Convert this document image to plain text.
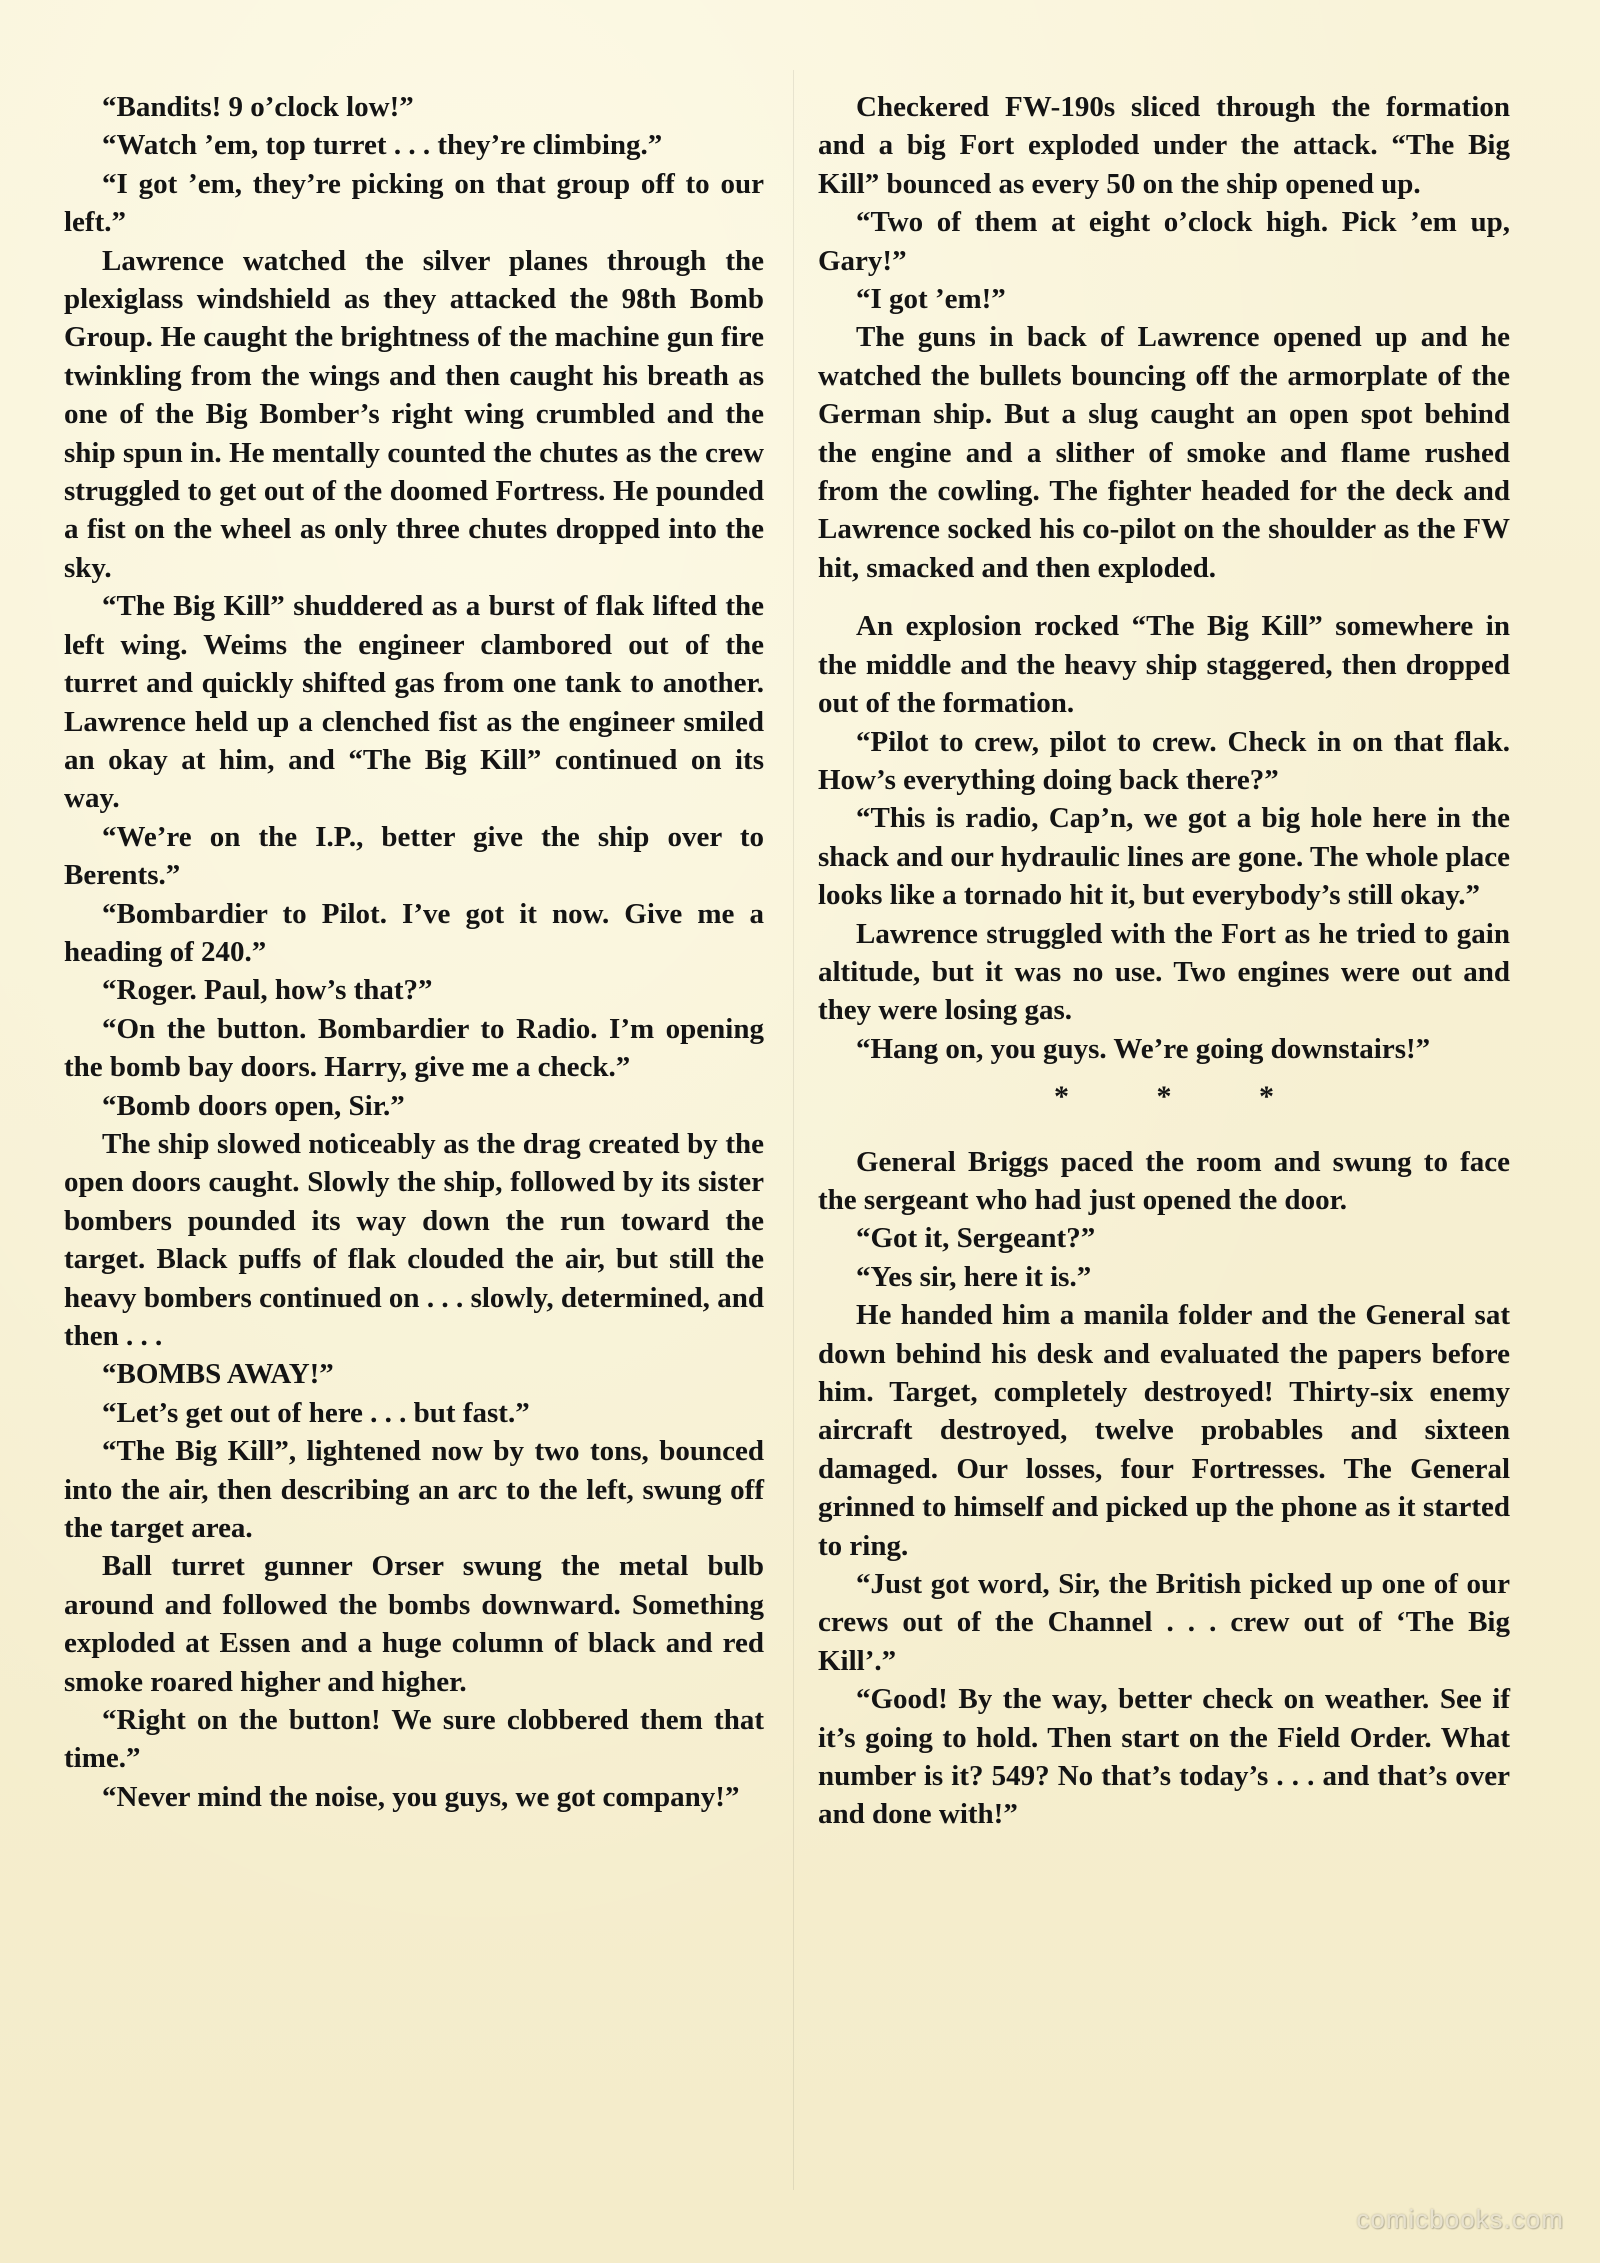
“Bandits! 9 o’clock low!”

“Watch ’em, top turret . . . they’re climbing.”

“I got ’em, they’re picking on that group off to our left.”

Lawrence watched the silver planes through the plexiglass windshield as they attacked the 98th Bomb Group. He caught the brightness of the machine gun fire twinkling from the wings and then caught his breath as one of the Big Bomber’s right wing crumbled and the ship spun in. He mentally counted the chutes as the crew struggled to get out of the doomed Fortress. He pounded a fist on the wheel as only three chutes dropped into the sky.

“The Big Kill” shuddered as a burst of flak lifted the left wing. Weims the engineer clambored out of the turret and quickly shifted gas from one tank to another. Lawrence held up a clenched fist as the engineer smiled an okay at him, and “The Big Kill” continued on its way.

“We’re on the I.P., better give the ship over to Berents.”

“Bombardier to Pilot. I’ve got it now. Give me a heading of 240.”

“Roger. Paul, how’s that?”

“On the button. Bombardier to Radio. I’m opening the bomb bay doors. Harry, give me a check.”

“Bomb doors open, Sir.”

The ship slowed noticeably as the drag created by the open doors caught. Slowly the ship, followed by its sister bombers pounded its way down the run toward the target. Black puffs of flak clouded the air, but still the heavy bombers continued on . . . slowly, determined, and then . . .

“BOMBS AWAY!”

“Let’s get out of here . . . but fast.”

“The Big Kill”, lightened now by two tons, bounced into the air, then describing an arc to the left, swung off the target area.

Ball turret gunner Orser swung the metal bulb around and followed the bombs downward. Something exploded at Essen and a huge column of black and red smoke roared higher and higher.

“Right on the button! We sure clobbered them that time.”

“Never mind the noise, you guys, we got company!”

Checkered FW-190s sliced through the formation and a big Fort exploded under the attack. “The Big Kill” bounced as every 50 on the ship opened up.

“Two of them at eight o’clock high. Pick ’em up, Gary!”

“I got ’em!”

The guns in back of Lawrence opened up and he watched the bullets bouncing off the armorplate of the German ship. But a slug caught an open spot behind the engine and a slither of smoke and flame rushed from the cowling. The fighter headed for the deck and Lawrence socked his co-pilot on the shoulder as the FW hit, smacked and then exploded.

An explosion rocked “The Big Kill” somewhere in the middle and the heavy ship staggered, then dropped out of the formation.

“Pilot to crew, pilot to crew. Check in on that flak. How’s everything doing back there?”

“This is radio, Cap’n, we got a big hole here in the shack and our hydraulic lines are gone. The whole place looks like a tornado hit it, but everybody’s still okay.”

Lawrence struggled with the Fort as he tried to gain altitude, but it was no use. Two engines were out and they were losing gas.

“Hang on, you guys. We’re going downstairs!”

* * *

General Briggs paced the room and swung to face the sergeant who had just opened the door.

“Got it, Sergeant?”

“Yes sir, here it is.”

He handed him a manila folder and the General sat down behind his desk and evaluated the papers before him. Target, completely destroyed! Thirty-six enemy aircraft destroyed, twelve probables and sixteen damaged. Our losses, four Fortresses. The General grinned to himself and picked up the phone as it started to ring.

“Just got word, Sir, the British picked up one of our crews out of the Channel . . . crew out of ‘The Big Kill’.”

“Good! By the way, better check on weather. See if it’s going to hold. Then start on the Field Order. What number is it? 549? No that’s today’s . . . and that’s over and done with!”

comicbooks.com
